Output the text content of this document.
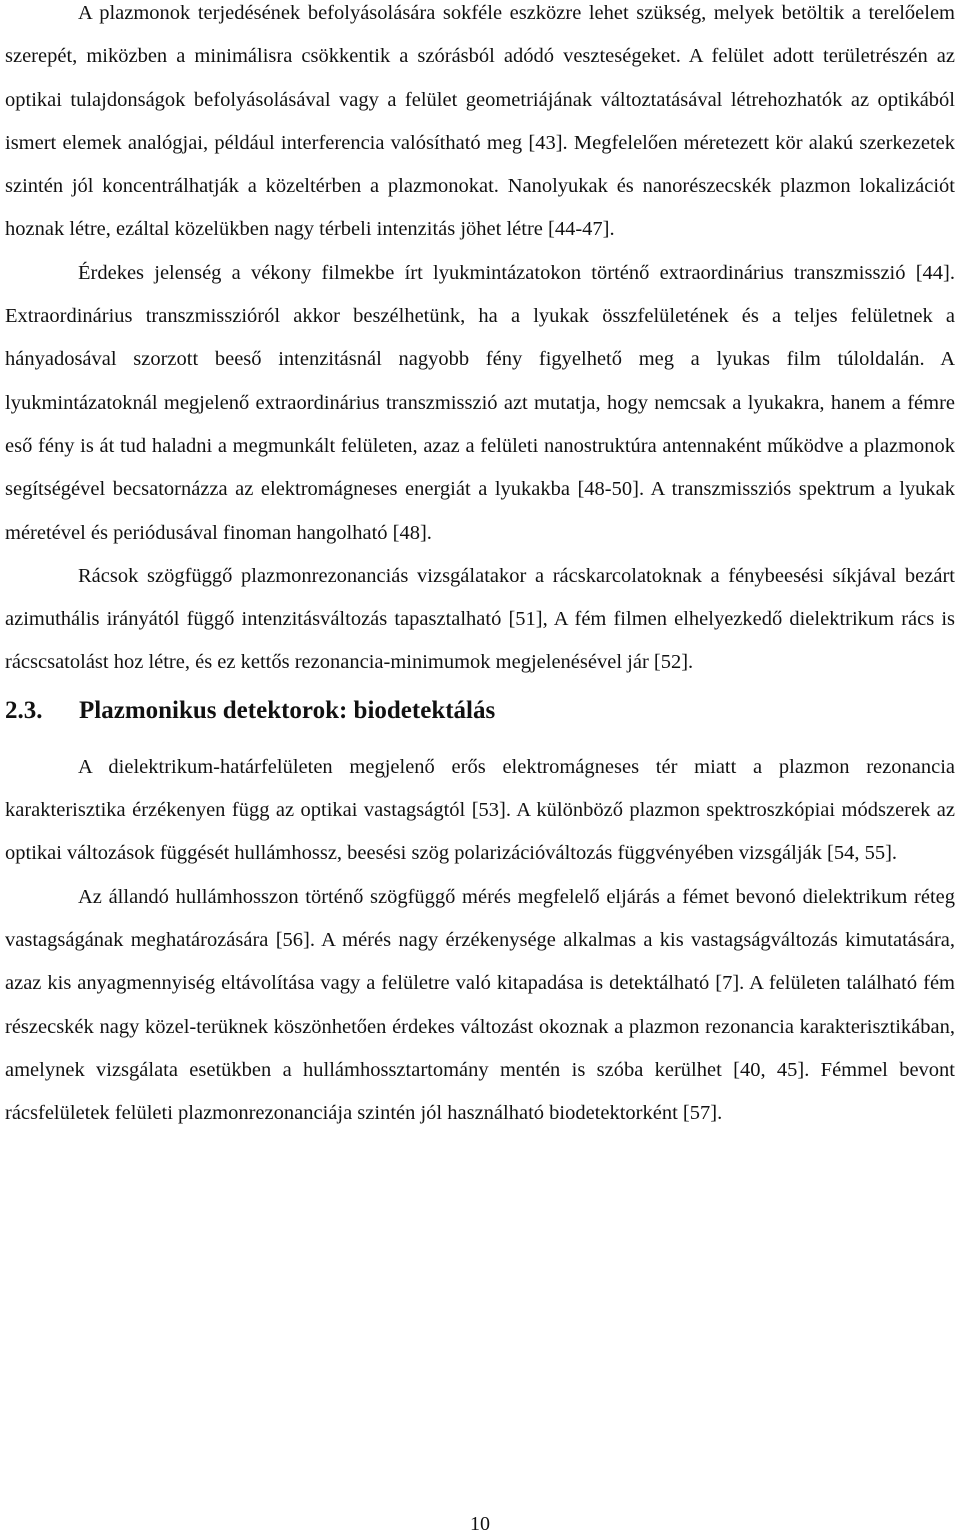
A plazmonok terjedésének befolyásolására sokféle eszközre lehet szükség, melyek betöltik a terelőelem szerepét, miközben a minimálisra csökkentik a szórásból adódó veszteségeket. A felület adott területrészén az optikai tulajdonságok befolyásolásával vagy a felület geometriájának változtatásával létrehozhatók az optikából ismert elemek analógjai, például interferencia valósítható meg [43]. Megfelelően méretezett kör alakú szerkezetek szintén jól koncentrálhatják a közeltérben a plazmonokat. Nanolyukak és nanorészecskék plazmon lokalizációt hoznak létre, ezáltal közelükben nagy térbeli intenzitás jöhet létre [44-47].

Érdekes jelenség a vékony filmekbe írt lyukmintázatokon történő extraordinárius transzmisszió [44]. Extraordinárius transzmisszióról akkor beszélhetünk, ha a lyukak összfelületének és a teljes felületnek a hányadosával szorzott beeső intenzitásnál nagyobb fény figyelhető meg a lyukas film túloldalán. A lyukmintázatoknál megjelenő extraordinárius transzmisszió azt mutatja, hogy nemcsak a lyukakra, hanem a fémre eső fény is át tud haladni a megmunkált felületen, azaz a felületi nanostruktúra antennaként működve a plazmonok segítségével becsatornázza az elektromágneses energiát a lyukakba [48-50]. A transzmissziós spektrum a lyukak méretével és periódusával finoman hangolható [48].

Rácsok szögfüggő plazmonrezonanciás vizsgálatakor a rácskarcolatoknak a fénybeesési síkjával bezárt azimuthális irányától függő intenzitásváltozás tapasztalható [51], A fém filmen elhelyezkedő dielektrikum rács is rácscsatolást hoz létre, és ez kettős rezonancia-minimumok megjelenésével jár [52].

2.3.	Plazmonikus detektorok: biodetektálás

A dielektrikum-határfelületen megjelenő erős elektromágneses tér miatt a plazmon rezonancia karakterisztika érzékenyen függ az optikai vastagságtól [53]. A különböző plazmon spektroszkópiai módszerek az optikai változások függését hullámhossz, beesési szög polarizációváltozás függvényében vizsgálják [54, 55].

Az állandó hullámhosszon történő szögfüggő mérés megfelelő eljárás a fémet bevonó dielektrikum réteg vastagságának meghatározására [56]. A mérés nagy érzékenysége alkalmas a kis vastagságváltozás kimutatására, azaz kis anyagmennyiség eltávolítása vagy a felületre való kitapadása is detektálható [7]. A felületen található fém részecskék nagy közel-terüknek köszönhetően érdekes változást okoznak a plazmon rezonancia karakterisztikában, amelynek vizsgálata esetükben a hullámhossztartomány mentén is szóba kerülhet [40, 45]. Fémmel bevont rácsfelületek felületi plazmonrezonanciája szintén jól használható biodetektorként [57].

10
